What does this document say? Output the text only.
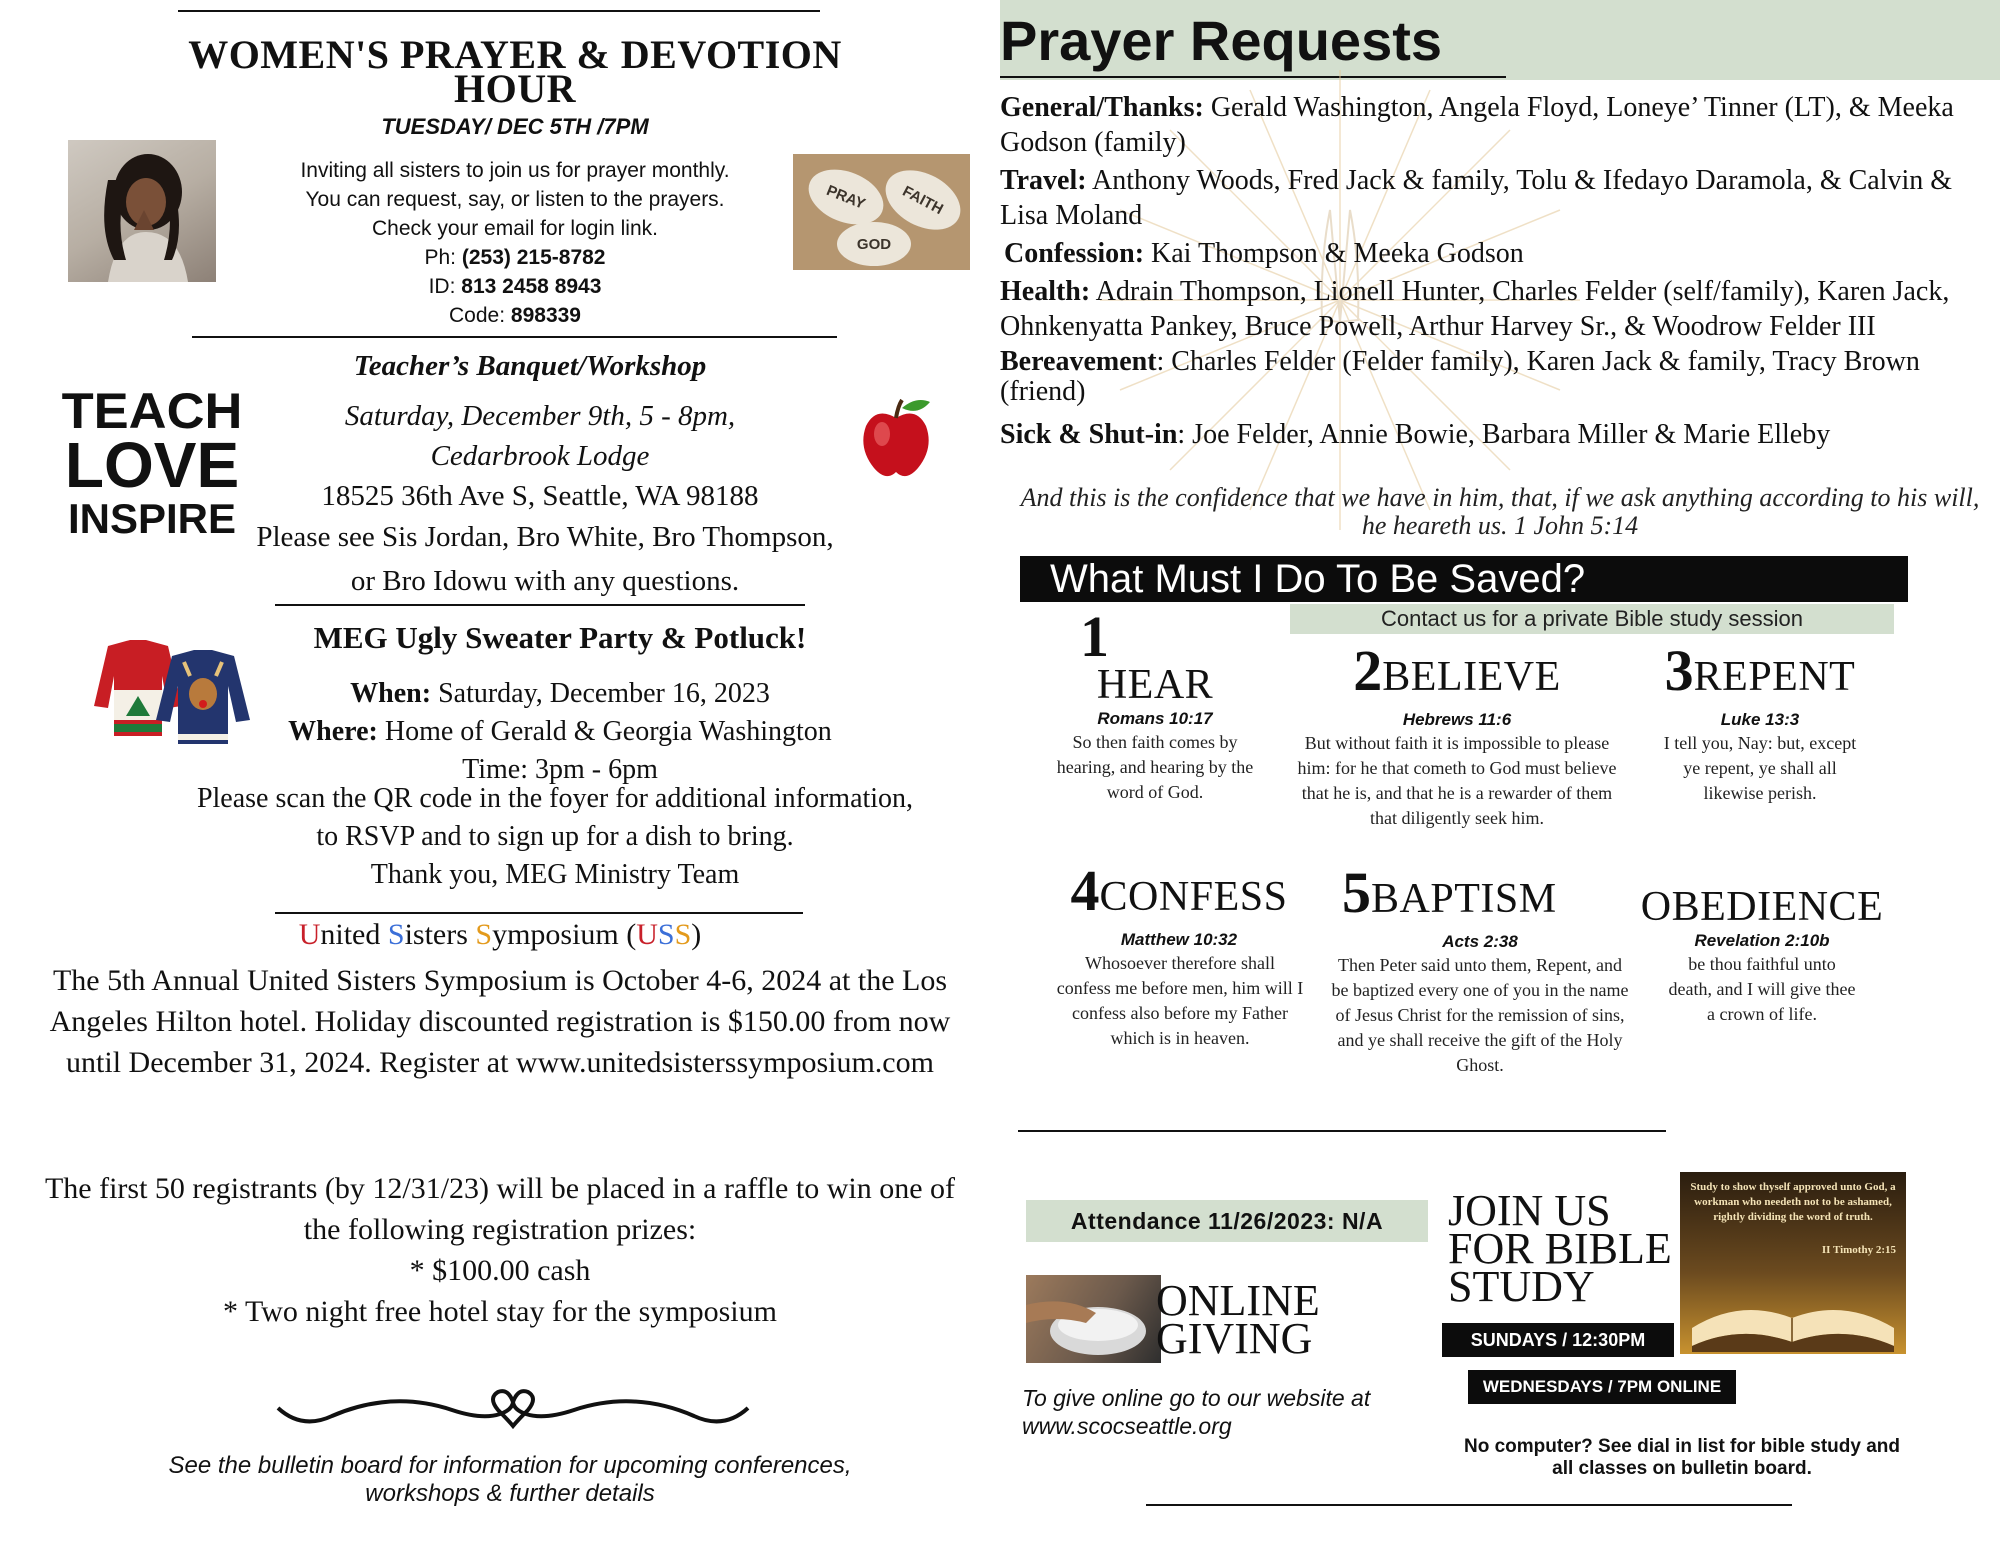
WOMEN'S PRAYER & DEVOTION HOUR
TUESDAY/ DEC 5TH /7PM
Inviting all sisters to join us for prayer monthly.
You can request, say, or listen to the prayers.
Check your email for login link.
Ph: (253) 215-8782
ID: 813 2458 8943
Code: 898339
PRAY	FAITH
GOD
TEACH
LOVE
INSPIRE
Teacher’s Banquet/Workshop
Saturday, December 9th, 5 - 8pm,
Cedarbrook Lodge
18525 36th Ave S, Seattle, WA 98188
Please see Sis Jordan, Bro White, Bro Thompson,
or Bro Idowu with any questions.
MEG Ugly Sweater Party & Potluck!
When: Saturday, December 16, 2023
Where: Home of Gerald & Georgia Washington
Time: 3pm - 6pm
Please scan the QR code in the foyer for additional information,
to RSVP and to sign up for a dish to bring.
Thank you, MEG Ministry Team
United Sisters Symposium (USS)
The 5th Annual United Sisters Symposium is October 4-6, 2024 at the Los Angeles Hilton hotel. Holiday discounted registration is $150.00 from now until December 31, 2024. Register at www.unitedsisterssymposium.com
The first 50 registrants (by 12/31/23) will be placed in a raffle to win one of the following registration prizes:
* $100.00 cash
* Two night free hotel stay for the symposium
See the bulletin board for information for upcoming conferences, workshops & further details
Prayer Requests

General/Thanks: Gerald Washington, Angela Floyd, Loneye’ Tinner (LT), & Meeka Godson (family)

Travel: Anthony Woods, Fred Jack & family, Tolu & Ifedayo Daramola, & Calvin & Lisa Moland

Confession: Kai Thompson & Meeka Godson

Health: Adrain Thompson, Lionell Hunter, Charles Felder (self/family), Karen Jack, Ohnkenyatta Pankey, Bruce Powell, Arthur Harvey Sr., & Woodrow Felder III

Bereavement: Charles Felder (Felder family), Karen Jack & family, Tracy Brown (friend)

Sick & Shut-in: Joe Felder, Annie Bowie, Barbara Miller & Marie Elleby

And this is the confidence that we have in him, that, if we ask anything according to his will, he heareth us. 1 John 5:14
What Must I Do To Be Saved?
Contact us for a private Bible study session
1
HEAR
Romans 10:17
So then faith comes by hearing, and hearing by the word of God.
2BELIEVE
Hebrews 11:6
But without faith it is impossible to please him: for he that cometh to God must believe that he is, and that he is a rewarder of them that diligently seek him.
3REPENT
Luke 13:3
I tell you, Nay: but, except ye repent, ye shall all likewise perish.
4CONFESS
Matthew 10:32
Whosoever therefore shall confess me before men, him will I confess also before my Father which is in heaven.
5BAPTISM
Acts 2:38
Then Peter said unto them, Repent, and be baptized every one of you in the name of Jesus Christ for the remission of sins, and ye shall receive the gift of the Holy Ghost.
OBEDIENCE
Revelation 2:10b
be thou faithful unto death, and I will give thee a crown of life.
Attendance 11/26/2023: N/A
ONLINE GIVING
To give online go to our website at www.scocseattle.org
JOIN US FOR BIBLE STUDY
SUNDAYS / 12:30PM
WEDNESDAYS / 7PM ONLINE
Study to show thyself approved unto God, a workman who needeth not to be ashamed, rightly dividing the word of truth.
II Timothy 2:15
No computer? See dial in list for bible study and all classes on bulletin board.
